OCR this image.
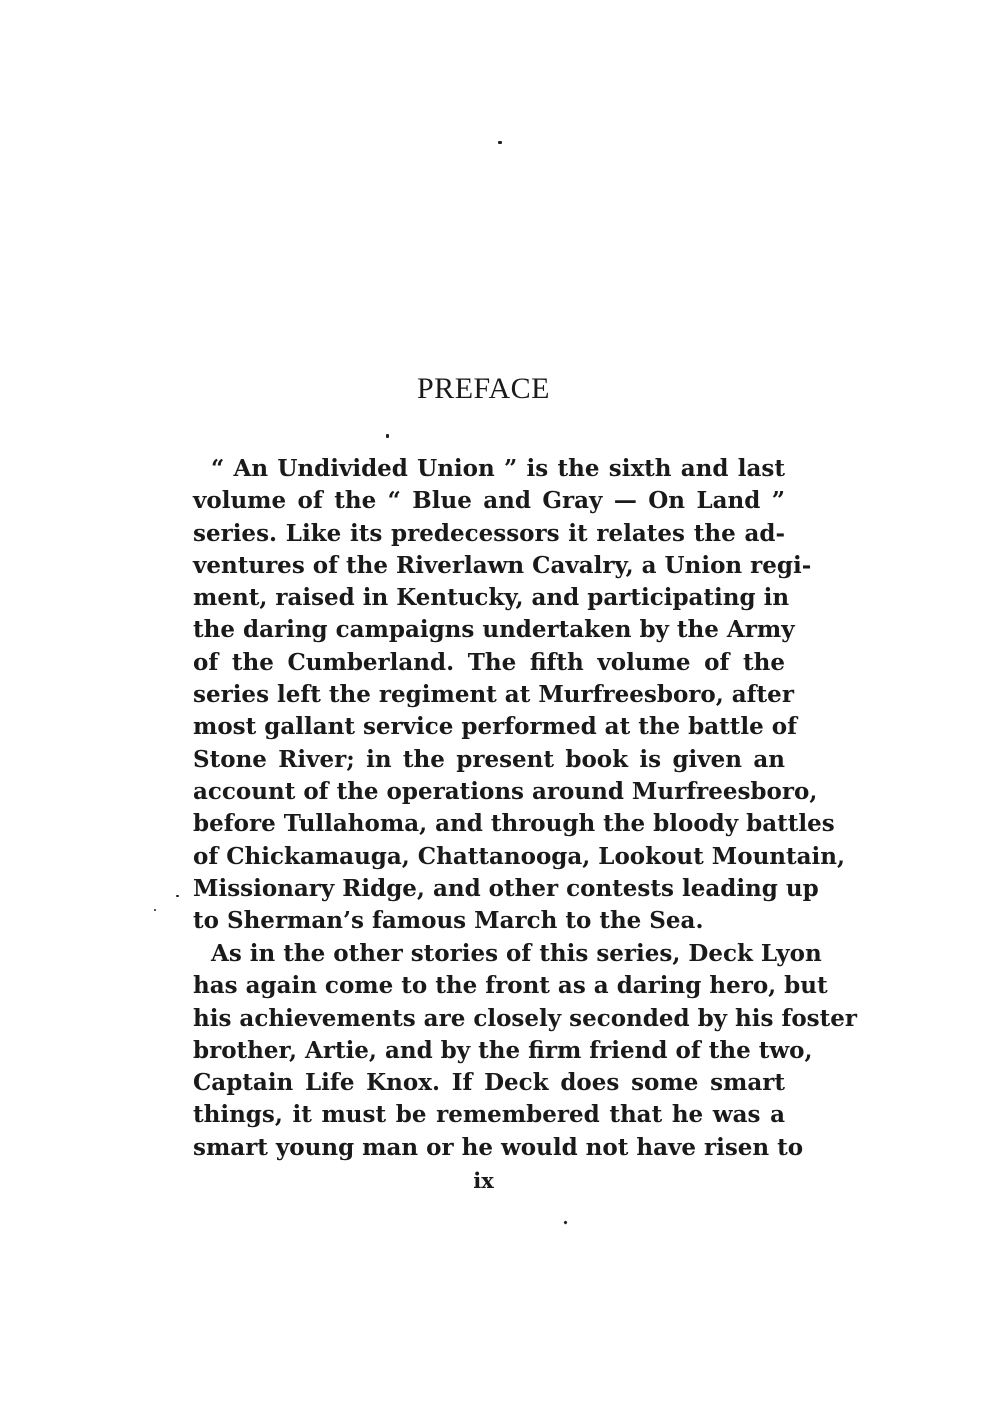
PREFACE
“ An Undivided Union ” is the sixth and last
volume of the “ Blue and Gray — On Land ”
series. Like its predecessors it relates the ad-
ventures of the Riverlawn Cavalry, a Union regi-
ment, raised in Kentucky, and participating in
the daring campaigns undertaken by the Army
of the Cumberland. The fifth volume of the
series left the regiment at Murfreesboro, after
most gallant service performed at the battle of
Stone River; in the present book is given an
account of the operations around Murfreesboro,
before Tullahoma, and through the bloody battles
of Chickamauga, Chattanooga, Lookout Mountain,
Missionary Ridge, and other contests leading up
to Sherman’s famous March to the Sea.
As in the other stories of this series, Deck Lyon
has again come to the front as a daring hero, but
his achievements are closely seconded by his foster
brother, Artie, and by the firm friend of the two,
Captain Life Knox. If Deck does some smart
things, it must be remembered that he was a
smart young man or he would not have risen to
ix
